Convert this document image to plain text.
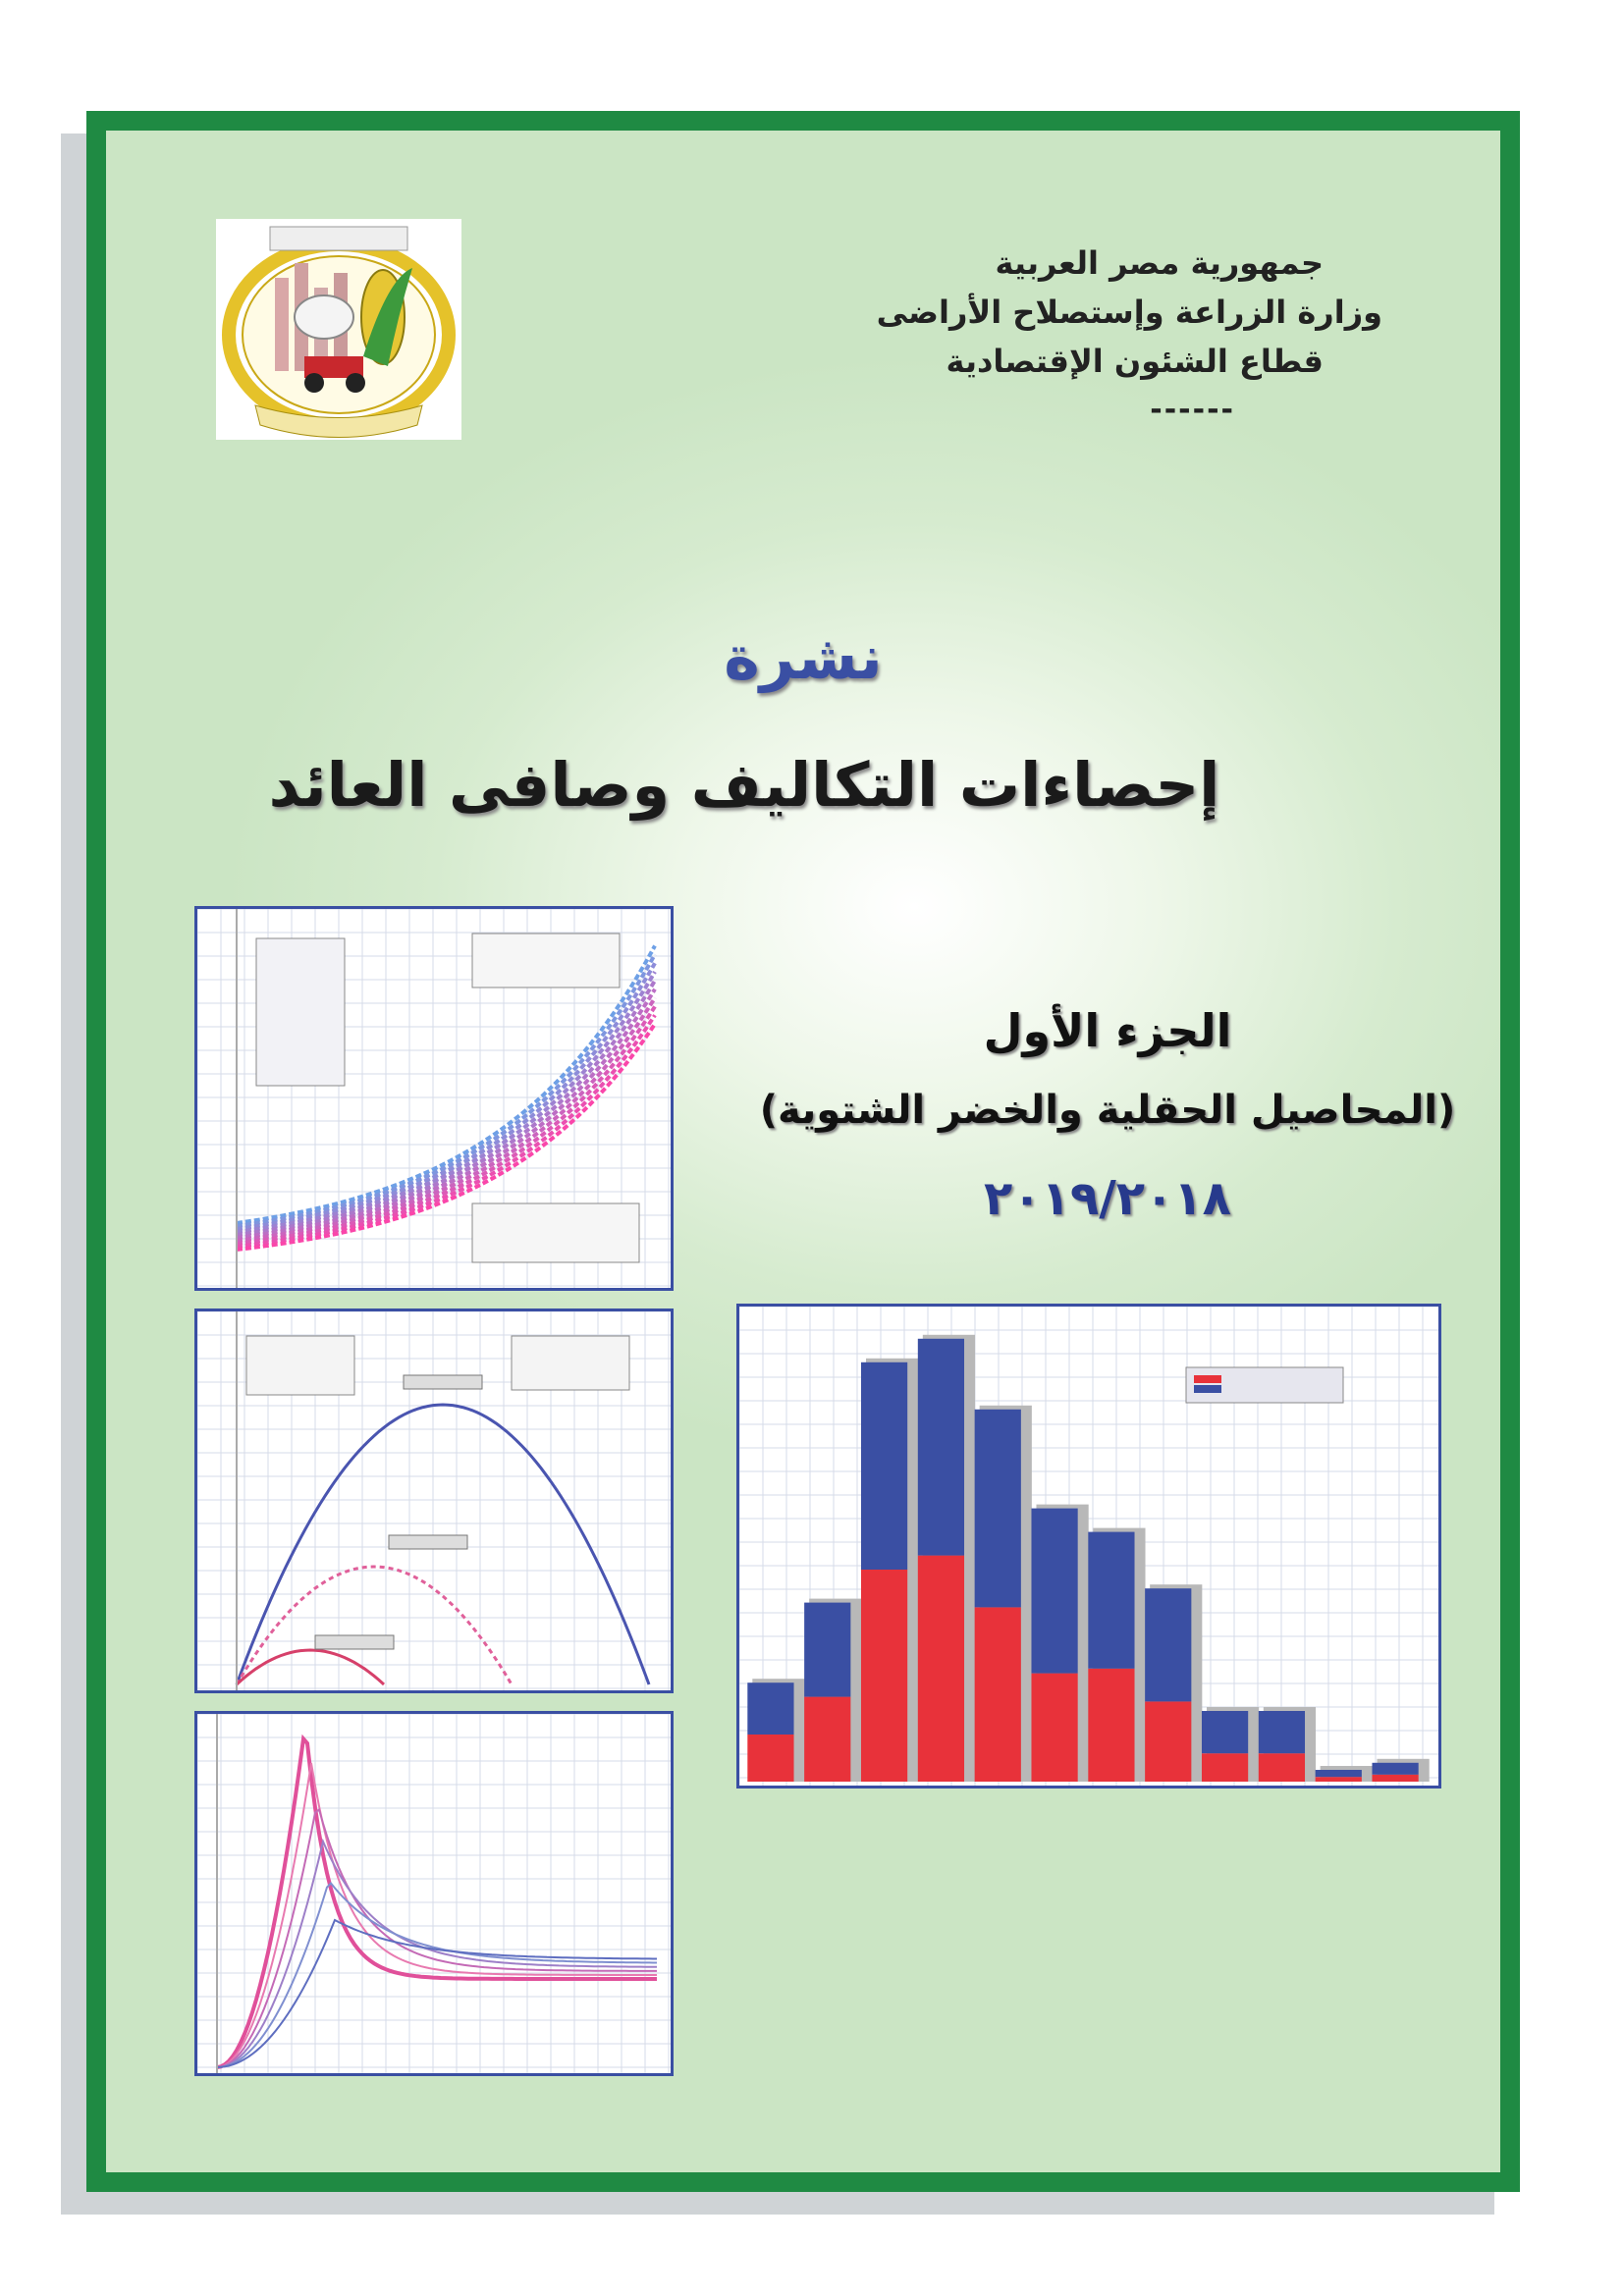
جمهورية مصر العربية
وزارة الزراعة وإستصلاح الأراضى
قطاع الشئون الإقتصادية
------
نشرة
إحصاءات التكاليف وصافى العائد
الجزء الأول
(المحاصيل الحقلية والخضر الشتوية)
٢٠١٩/٢٠١٨
